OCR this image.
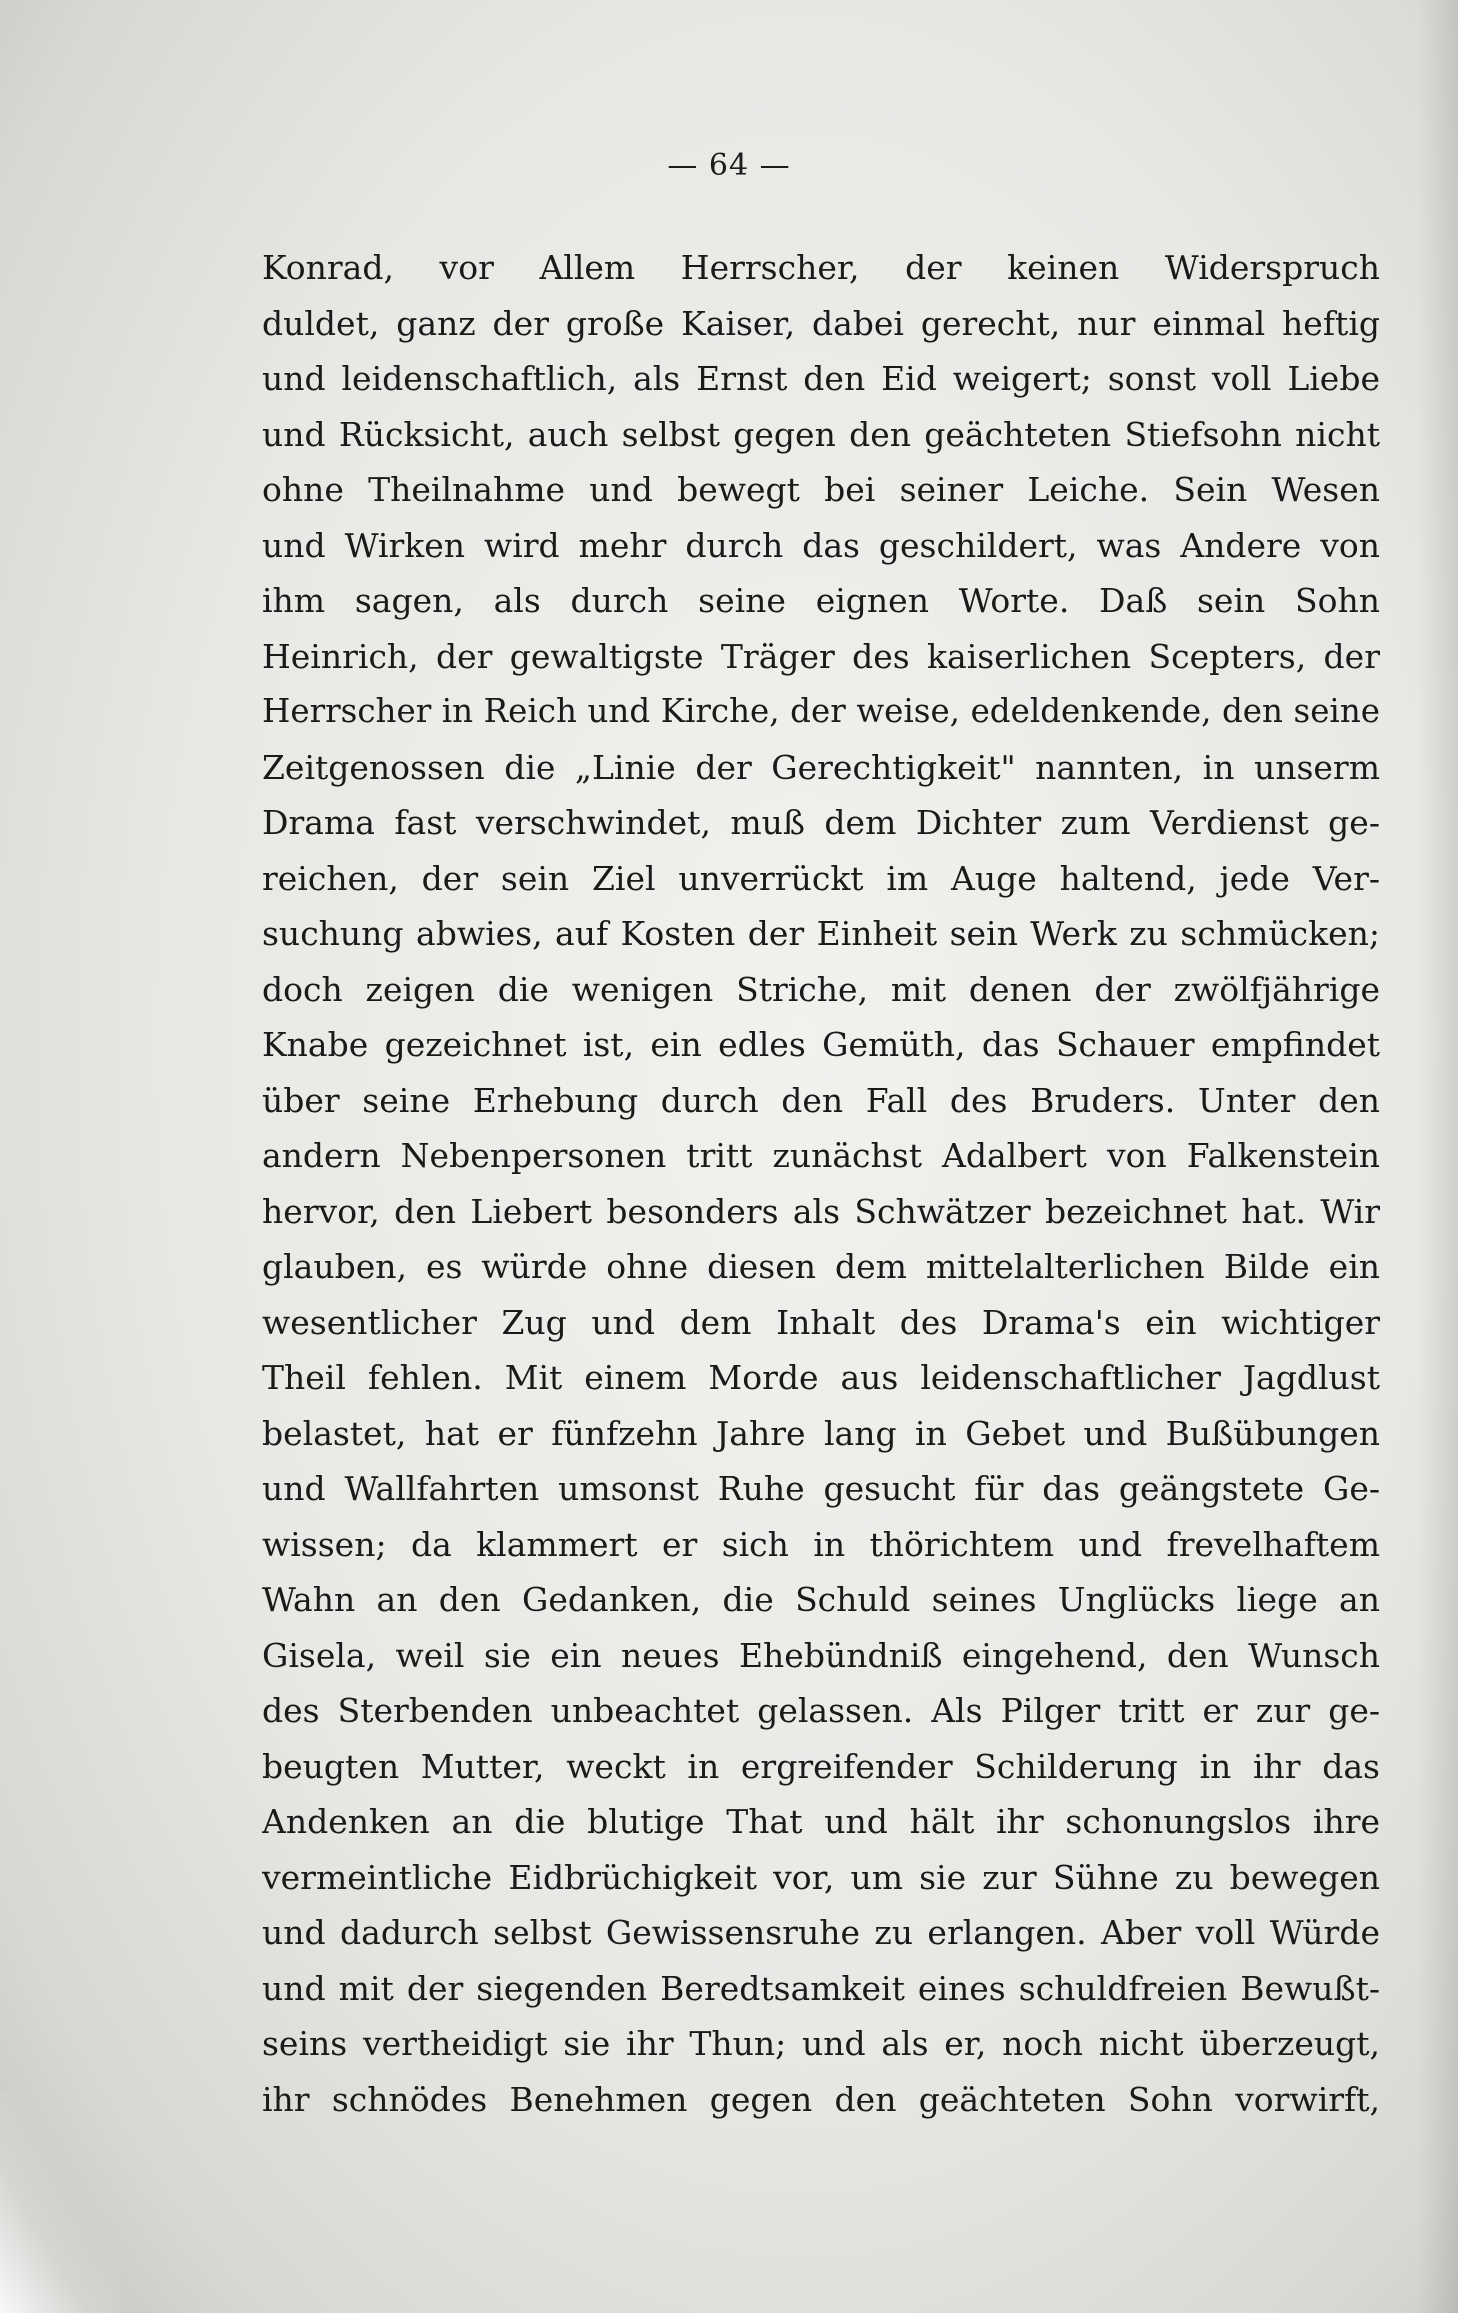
— 64 —
Konrad, vor Allem Herrscher, der keinen Widerspruch
duldet, ganz der große Kaiser, dabei gerecht, nur einmal heftig
und leidenschaftlich, als Ernst den Eid weigert; sonst voll Liebe
und Rücksicht, auch selbst gegen den geächteten Stiefsohn nicht
ohne Theilnahme und bewegt bei seiner Leiche. Sein Wesen
und Wirken wird mehr durch das geschildert, was Andere von
ihm sagen, als durch seine eignen Worte. Daß sein Sohn
Heinrich, der gewaltigste Träger des kaiserlichen Scepters, der
Herrscher in Reich und Kirche, der weise, edeldenkende, den seine
Zeitgenossen die „Linie der Gerechtigkeit" nannten, in unserm
Drama fast verschwindet, muß dem Dichter zum Verdienst ge-
reichen, der sein Ziel unverrückt im Auge haltend, jede Ver-
suchung abwies, auf Kosten der Einheit sein Werk zu schmücken;
doch zeigen die wenigen Striche, mit denen der zwölfjährige
Knabe gezeichnet ist, ein edles Gemüth, das Schauer empfindet
über seine Erhebung durch den Fall des Bruders. Unter den
andern Nebenpersonen tritt zunächst Adalbert von Falkenstein
hervor, den Liebert besonders als Schwätzer bezeichnet hat. Wir
glauben, es würde ohne diesen dem mittelalterlichen Bilde ein
wesentlicher Zug und dem Inhalt des Drama's ein wichtiger
Theil fehlen. Mit einem Morde aus leidenschaftlicher Jagdlust
belastet, hat er fünfzehn Jahre lang in Gebet und Bußübungen
und Wallfahrten umsonst Ruhe gesucht für das geängstete Ge-
wissen; da klammert er sich in thörichtem und frevelhaftem
Wahn an den Gedanken, die Schuld seines Unglücks liege an
Gisela, weil sie ein neues Ehebündniß eingehend, den Wunsch
des Sterbenden unbeachtet gelassen. Als Pilger tritt er zur ge-
beugten Mutter, weckt in ergreifender Schilderung in ihr das
Andenken an die blutige That und hält ihr schonungslos ihre
vermeintliche Eidbrüchigkeit vor, um sie zur Sühne zu bewegen
und dadurch selbst Gewissensruhe zu erlangen. Aber voll Würde
und mit der siegenden Beredtsamkeit eines schuldfreien Bewußt-
seins vertheidigt sie ihr Thun; und als er, noch nicht überzeugt,
ihr schnödes Benehmen gegen den geächteten Sohn vorwirft,
